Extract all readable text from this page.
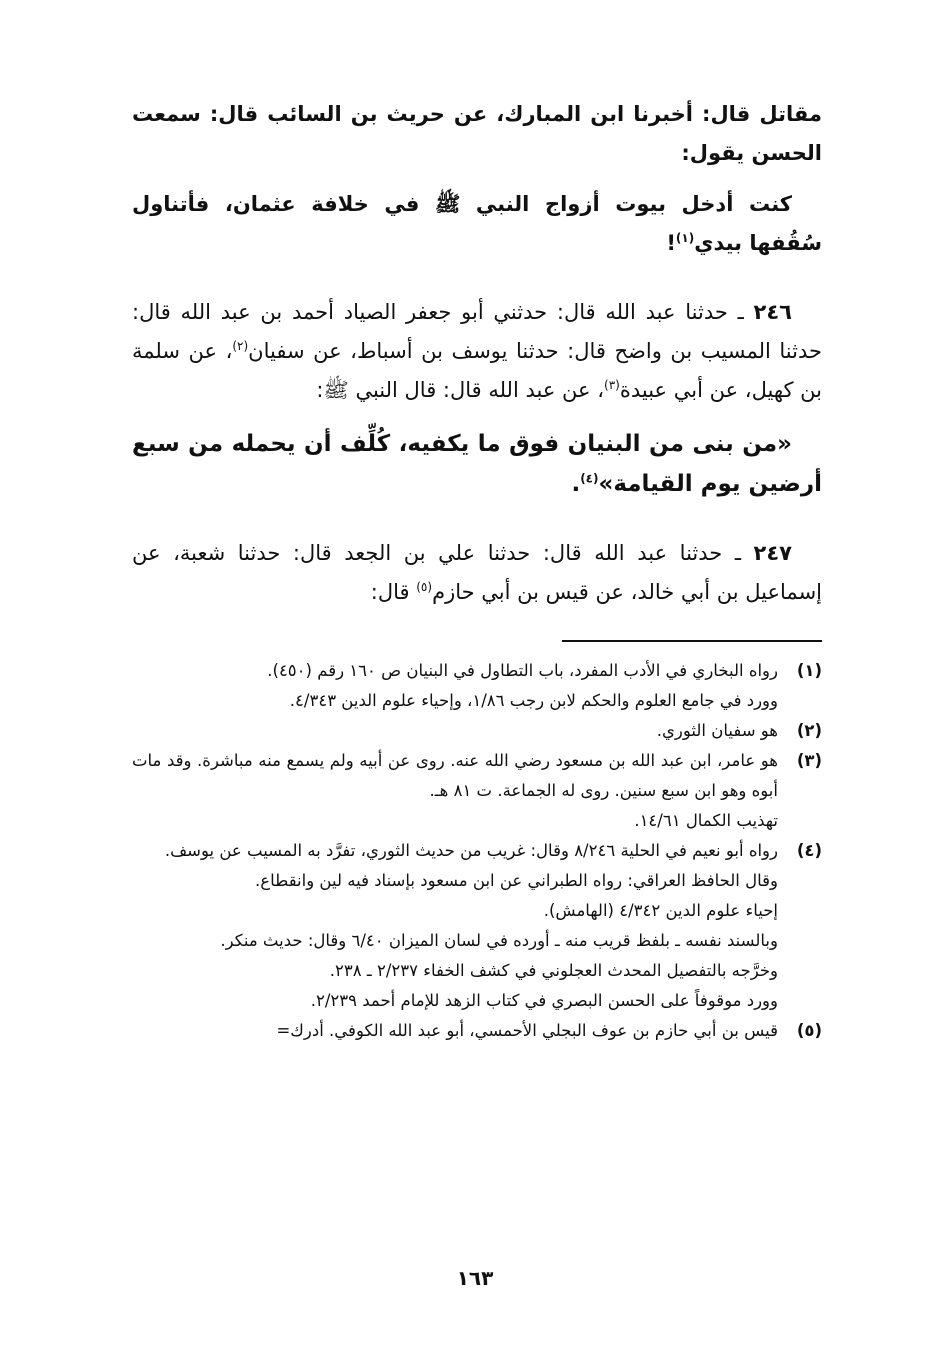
مقاتل قال: أخبرنا ابن المبارك، عن حريث بن السائب قال: سمعت الحسن يقول:

كنت أدخل بيوت أزواج النبي ﷺ في خلافة عثمان، فأتناول سُقُفها بيدي$^{(١)}$!

٢٤٦ ـ حدثنا عبد الله قال: حدثني أبو جعفر الصياد أحمد بن عبد الله قال: حدثنا المسيب بن واضح قال: حدثنا يوسف بن أسباط، عن سفيان$^{(٢)}$، عن سلمة بن كهيل، عن أبي عبيدة$^{(٣)}$، عن عبد الله قال: قال النبي ﷺ:

«من بنى من البنيان فوق ما يكفيه، كُلِّف أن يحمله من سبع أرضين يوم القيامة»$^{(٤)}$.

٢٤٧ ـ حدثنا عبد الله قال: حدثنا علي بن الجعد قال: حدثنا شعبة، عن إسماعيل بن أبي خالد، عن قيس بن أبي حازم$^{(٥)}$ قال:

(١)
رواه البخاري في الأدب المفرد، باب التطاول في البنيان ص ١٦٠ رقم (٤٥٠).
وورد في جامع العلوم والحكم لابن رجب ١/٨٦، وإحياء علوم الدين ٤/٣٤٣.
(٢)
هو سفيان الثوري.
(٣)
هو عامر، ابن عبد الله بن مسعود رضي الله عنه. روى عن أبيه ولم يسمع منه مباشرة. وقد مات أبوه وهو ابن سبع سنين. روى له الجماعة. ت ٨١ هـ.
تهذيب الكمال ١٤/٦١.
(٤)
رواه أبو نعيم في الحلية ٨/٢٤٦ وقال: غريب من حديث الثوري، تفرَّد به المسيب عن يوسف.
وقال الحافظ العراقي: رواه الطبراني عن ابن مسعود بإسناد فيه لين وانقطاع.
إحياء علوم الدين ٤/٣٤٢ (الهامش).
وبالسند نفسه ـ بلفظ قريب منه ـ أورده في لسان الميزان ٦/٤٠ وقال: حديث منكر.
وخرَّجه بالتفصيل المحدث العجلوني في كشف الخفاء ٢/٢٣٧ ـ ٢٣٨.
وورد موقوفاً على الحسن البصري في كتاب الزهد للإمام أحمد ٢/٢٣٩.
(٥)
قيس بن أبي حازم بن عوف البجلي الأحمسي، أبو عبد الله الكوفي. أدرك=
١٦٣
